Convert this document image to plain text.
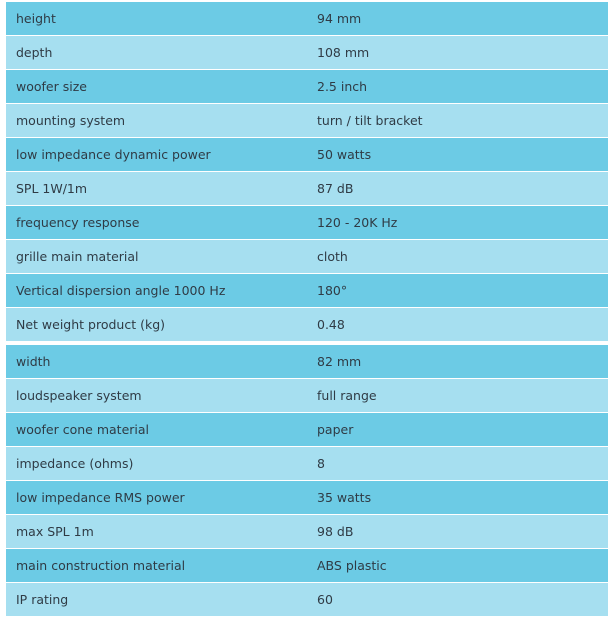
height	94 mm
depth	108 mm
woofer size	2.5 inch
mounting system	turn / tilt bracket
low impedance dynamic power	50 watts
SPL 1W/1m	87 dB
frequency response	120 - 20K Hz
grille main material	cloth
Vertical dispersion angle 1000 Hz	180°
Net weight product (kg)	0.48
width	82 mm
loudspeaker system	full range
woofer cone material	paper
impedance (ohms)	8
low impedance RMS power	35 watts
max SPL 1m	98 dB
main construction material	ABS plastic
IP rating	60
